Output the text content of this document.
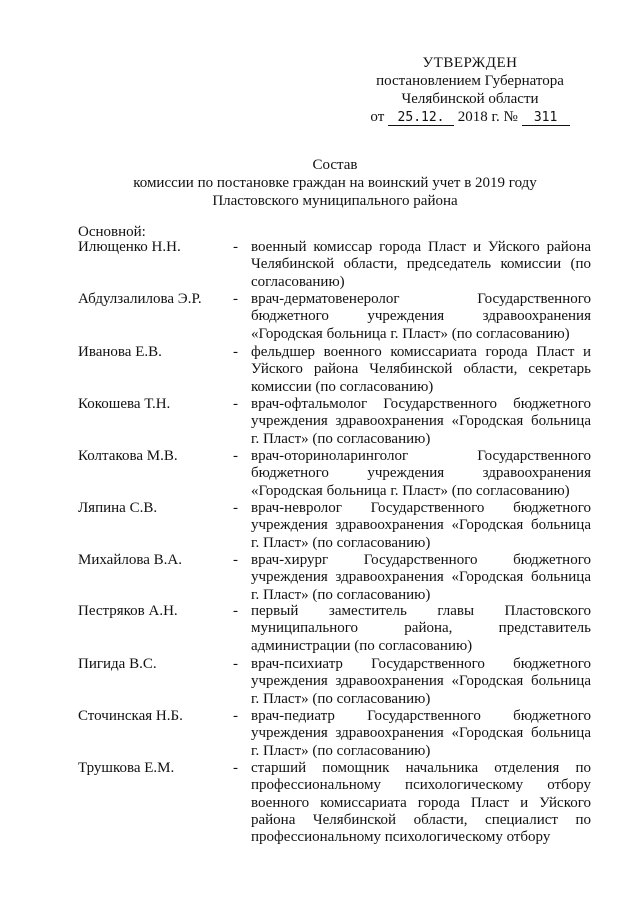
УТВЕРЖДЕН
постановлением Губернатора
Челябинской области
от 25.12. 2018 г. № 311
Состав
комиссии по постановке граждан на воинский учет в 2019 году
Пластовского муниципального района
Основной:
Илющенко Н.Н.	- военный комиссар города Пласт и Уйского района Челябинской области, председатель комиссии (по согласованию)
Абдулзалилова Э.Р. - врач-дерматовенеролог Государственного бюджетного учреждения здравоохранения «Городская больница г. Пласт» (по согласованию)
Иванова Е.В.	- фельдшер военного комиссариата города Пласт и Уйского района Челябинской области, секретарь комиссии (по согласованию)
Кокошева Т.Н.	- врач-офтальмолог Государственного бюджетного учреждения здравоохранения «Городская больница г. Пласт» (по согласованию)
Колтакова М.В.	- врач-оториноларинголог Государственного бюджетного учреждения здравоохранения «Городская больница г. Пласт» (по согласованию)
Ляпина С.В.	- врач-невролог Государственного бюджетного учреждения здравоохранения «Городская больница г. Пласт» (по согласованию)
Михайлова В.А.	- врач-хирург Государственного бюджетного учреждения здравоохранения «Городская больница г. Пласт» (по согласованию)
Пестряков А.Н.	- первый заместитель главы Пластовского муниципального района, представитель администрации (по согласованию)
Пигида В.С.	- врач-психиатр Государственного бюджетного учреждения здравоохранения «Городская больница г. Пласт» (по согласованию)
Сточинская Н.Б.	- врач-педиатр Государственного бюджетного учреждения здравоохранения «Городская больница г. Пласт» (по согласованию)
Трушкова Е.М.	- старший помощник начальника отделения по профессиональному психологическому отбору военного комиссариата города Пласт и Уйского района Челябинской области, специалист по профессиональному психологическому отбору
